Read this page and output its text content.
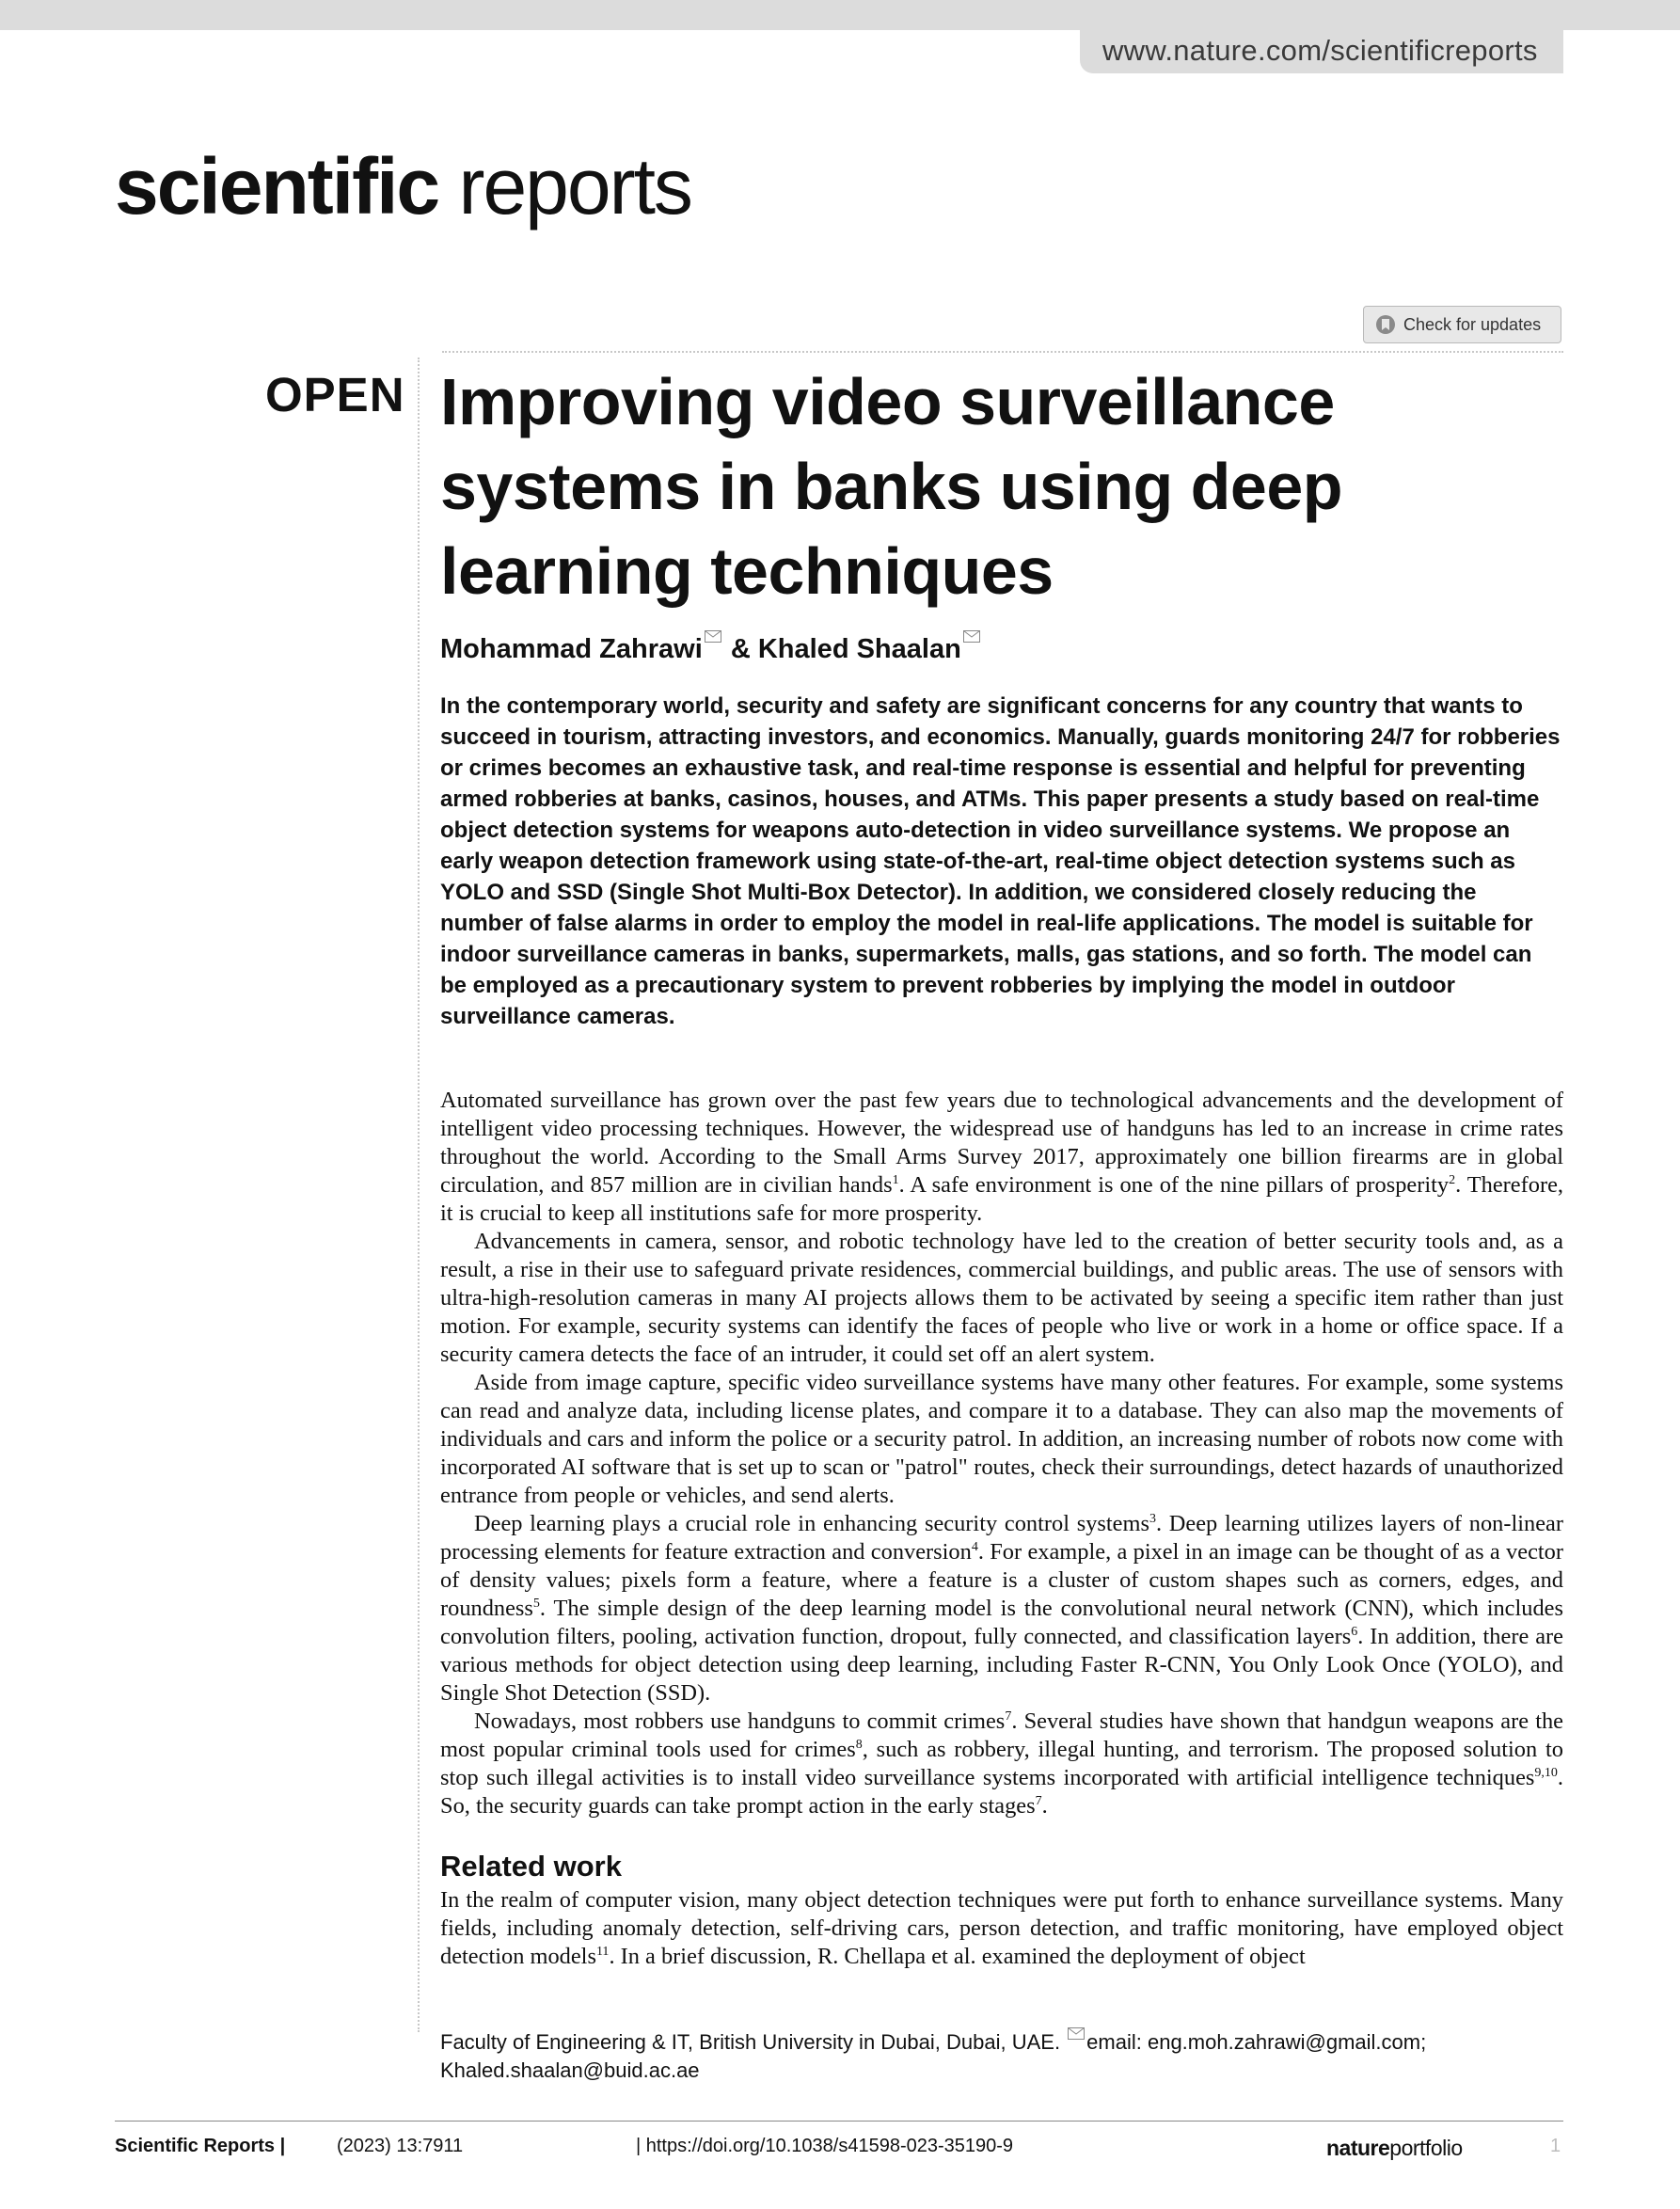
www.nature.com/scientificreports
scientific reports
Check for updates
OPEN Improving video surveillance systems in banks using deep learning techniques
Mohammad Zahrawi & Khaled Shaalan

In the contemporary world, security and safety are significant concerns for any country that wants to succeed in tourism, attracting investors, and economics. Manually, guards monitoring 24/7 for robberies or crimes becomes an exhaustive task, and real-time response is essential and helpful for preventing armed robberies at banks, casinos, houses, and ATMs. This paper presents a study based on real-time object detection systems for weapons auto-detection in video surveillance systems. We propose an early weapon detection framework using state-of-the-art, real-time object detection systems such as YOLO and SSD (Single Shot Multi-Box Detector). In addition, we considered closely reducing the number of false alarms in order to employ the model in real-life applications. The model is suitable for indoor surveillance cameras in banks, supermarkets, malls, gas stations, and so forth. The model can be employed as a precautionary system to prevent robberies by implying the model in outdoor surveillance cameras.

Automated surveillance has grown over the past few years due to technological advancements and the development of intelligent video processing techniques. However, the widespread use of handguns has led to an increase in crime rates throughout the world. According to the Small Arms Survey 2017, approximately one billion firearms are in global circulation, and 857 million are in civilian hands$^1$. A safe environment is one of the nine pillars of prosperity$^2$. Therefore, it is crucial to keep all institutions safe for more prosperity.

Advancements in camera, sensor, and robotic technology have led to the creation of better security tools and, as a result, a rise in their use to safeguard private residences, commercial buildings, and public areas. The use of sensors with ultra-high-resolution cameras in many AI projects allows them to be activated by seeing a specific item rather than just motion. For example, security systems can identify the faces of people who live or work in a home or office space. If a security camera detects the face of an intruder, it could set off an alert system.

Aside from image capture, specific video surveillance systems have many other features. For example, some systems can read and analyze data, including license plates, and compare it to a database. They can also map the movements of individuals and cars and inform the police or a security patrol. In addition, an increasing number of robots now come with incorporated AI software that is set up to scan or "patrol" routes, check their surroundings, detect hazards of unauthorized entrance from people or vehicles, and send alerts.

Deep learning plays a crucial role in enhancing security control systems$^3$. Deep learning utilizes layers of non-linear processing elements for feature extraction and conversion$^4$. For example, a pixel in an image can be thought of as a vector of density values; pixels form a feature, where a feature is a cluster of custom shapes such as corners, edges, and roundness$^5$. The simple design of the deep learning model is the convolutional neural network (CNN), which includes convolution filters, pooling, activation function, dropout, fully connected, and classification layers$^6$. In addition, there are various methods for object detection using deep learning, including Faster R-CNN, You Only Look Once (YOLO), and Single Shot Detection (SSD).

Nowadays, most robbers use handguns to commit crimes$^7$. Several studies have shown that handgun weapons are the most popular criminal tools used for crimes$^8$, such as robbery, illegal hunting, and terrorism. The proposed solution to stop such illegal activities is to install video surveillance systems incorporated with artificial intelligence techniques$^{9,10}$. So, the security guards can take prompt action in the early stages$^7$.

Related work

In the realm of computer vision, many object detection techniques were put forth to enhance surveillance systems. Many fields, including anomaly detection, self-driving cars, person detection, and traffic monitoring, have employed object detection models$^{11}$. In a brief discussion, R. Chellapa et al. examined the deployment of object

Faculty of Engineering & IT, British University in Dubai, Dubai, UAE. email: eng.moh.zahrawi@gmail.com; Khaled.shaalan@buid.ac.ae
Scientific Reports |	(2023) 13:7911	| https://doi.org/10.1038/s41598-023-35190-9	natureportfolio	1
